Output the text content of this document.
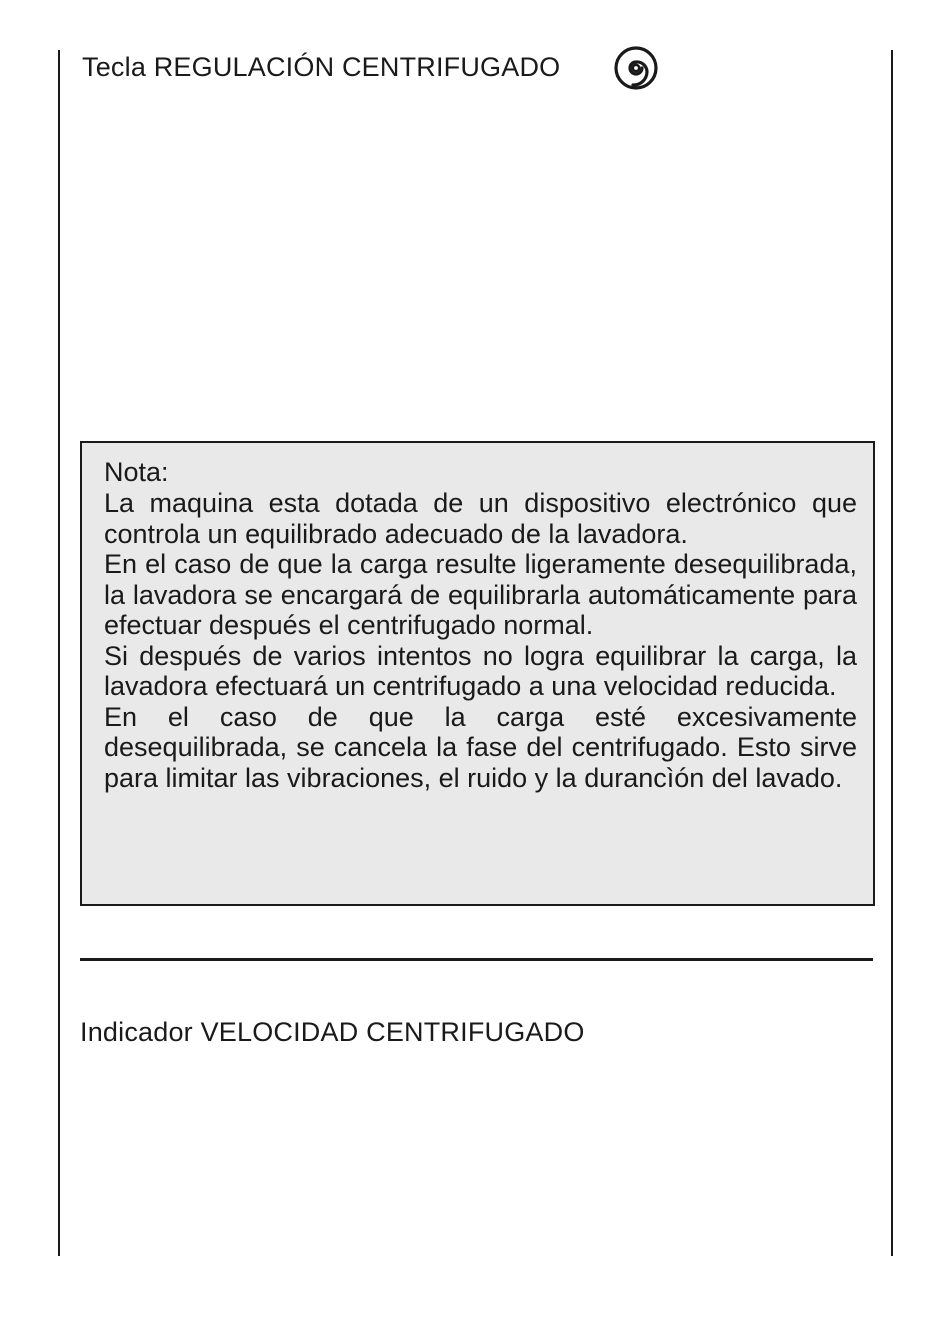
Tecla REGULACIÓN CENTRIFUGADO

Nota:

La maquina esta dotada de un dispositivo electrónico que controla un equilibrado adecuado de la lavadora.

En el caso de que la carga resulte ligeramente desequilibrada, la lavadora se encargará de equilibrarla automáticamente para efectuar después el centrifugado normal.

Si después de varios intentos no logra equilibrar la carga, la lavadora efectuará un centrifugado a una velocidad reducida.

En el caso de que la carga esté excesivamente desequilibrada, se cancela la fase del centrifugado. Esto sirve para limitar las vibraciones, el ruido y la durancìón del lavado.

Indicador VELOCIDAD CENTRIFUGADO
